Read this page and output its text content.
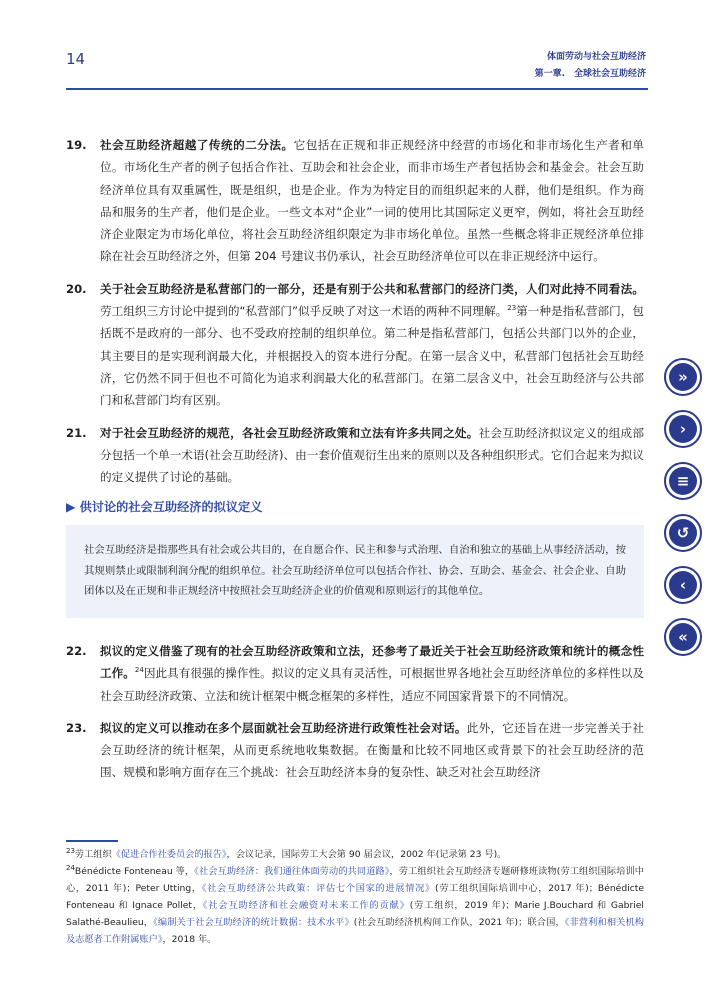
14	体面劳动与社会互助经济
第一章.　全球社会互助经济
19. 社会互助经济超越了传统的二分法。它包括在正规和非正规经济中经营的市场化和非市场化生产者和单位。市场化生产者的例子包括合作社、互助会和社会企业，而非市场生产者包括协会和基金会。社会互助经济单位具有双重属性，既是组织，也是企业。作为为特定目的而组织起来的人群，他们是组织。作为商品和服务的生产者，他们是企业。一些文本对“企业”一词的使用比其国际定义更窄，例如，将社会互助经济企业限定为市场化单位，将社会互助经济组织限定为非市场化单位。虽然一些概念将非正规经济单位排除在社会互助经济之外，但第 204 号建议书仍承认，社会互助经济单位可以在非正规经济中运行。
20. 关于社会互助经济是私营部门的一部分，还是有别于公共和私营部门的经济门类，人们对此持不同看法。劳工组织三方讨论中提到的“私营部门”似乎反映了对这一术语的两种不同理解。$^{23}$第一种是指私营部门，包括既不是政府的一部分、也不受政府控制的组织单位。第二种是指私营部门，包括公共部门以外的企业，其主要目的是实现利润最大化，并根据投入的资本进行分配。在第一层含义中，私营部门包括社会互助经济，它仍然不同于但也不可简化为追求利润最大化的私营部门。在第二层含义中，社会互助经济与公共部门和私营部门均有区别。
21. 对于社会互助经济的规范，各社会互助经济政策和立法有许多共同之处。社会互助经济拟议定义的组成部分包括一个单一术语(社会互助经济)、由一套价值观衍生出来的原则以及各种组织形式。它们合起来为拟议的定义提供了讨论的基础。
▶ 供讨论的社会互助经济的拟议定义
社会互助经济是指那些具有社会或公共目的，在自愿合作、民主和参与式治理、自治和独立的基础上从事经济活动，按其规则禁止或限制利润分配的组织单位。社会互助经济单位可以包括合作社、协会、互助会、基金会、社会企业、自助团体以及在正规和非正规经济中按照社会互助经济企业的价值观和原则运行的其他单位。
22. 拟议的定义借鉴了现有的社会互助经济政策和立法，还参考了最近关于社会互助经济政策和统计的概念性工作。$^{24}$因此具有很强的操作性。拟议的定义具有灵活性，可根据世界各地社会互助经济单位的多样性以及社会互助经济政策、立法和统计框架中概念框架的多样性，适应不同国家背景下的不同情况。
23. 拟议的定义可以推动在多个层面就社会互助经济进行政策性社会对话。此外，它还旨在进一步完善关于社会互助经济的统计框架，从而更系统地收集数据。在衡量和比较不同地区或背景下的社会互助经济的范围、规模和影响方面存在三个挑战：社会互助经济本身的复杂性、缺乏对社会互助经济
$^{23}$劳工组织《促进合作社委员会的报告》，会议记录，国际劳工大会第 90 届会议，2002 年(记录第 23 号)。
$^{24}$Bénédicte Fonteneau 等，《社会互助经济：我们通往体面劳动的共同道路》，劳工组织社会互助经济专题研修班读物(劳工组织国际培训中心，2011 年)；Peter Utting，《社会互助经济公共政策：评估七个国家的进展情况》(劳工组织国际培训中心，2017 年)；Bénédicte Fonteneau 和 Ignace Pollet，《社会互助经济和社会融资对未来工作的贡献》(劳工组织，2019 年)；Marie J.Bouchard 和 Gabriel Salathé-Beaulieu，《编制关于社会互助经济的统计数据：技术水平》(社会互助经济机构间工作队，2021 年)；联合国，《非营利和相关机构及志愿者工作附属账户》，2018 年。
»
›
≡
↺
‹
«
